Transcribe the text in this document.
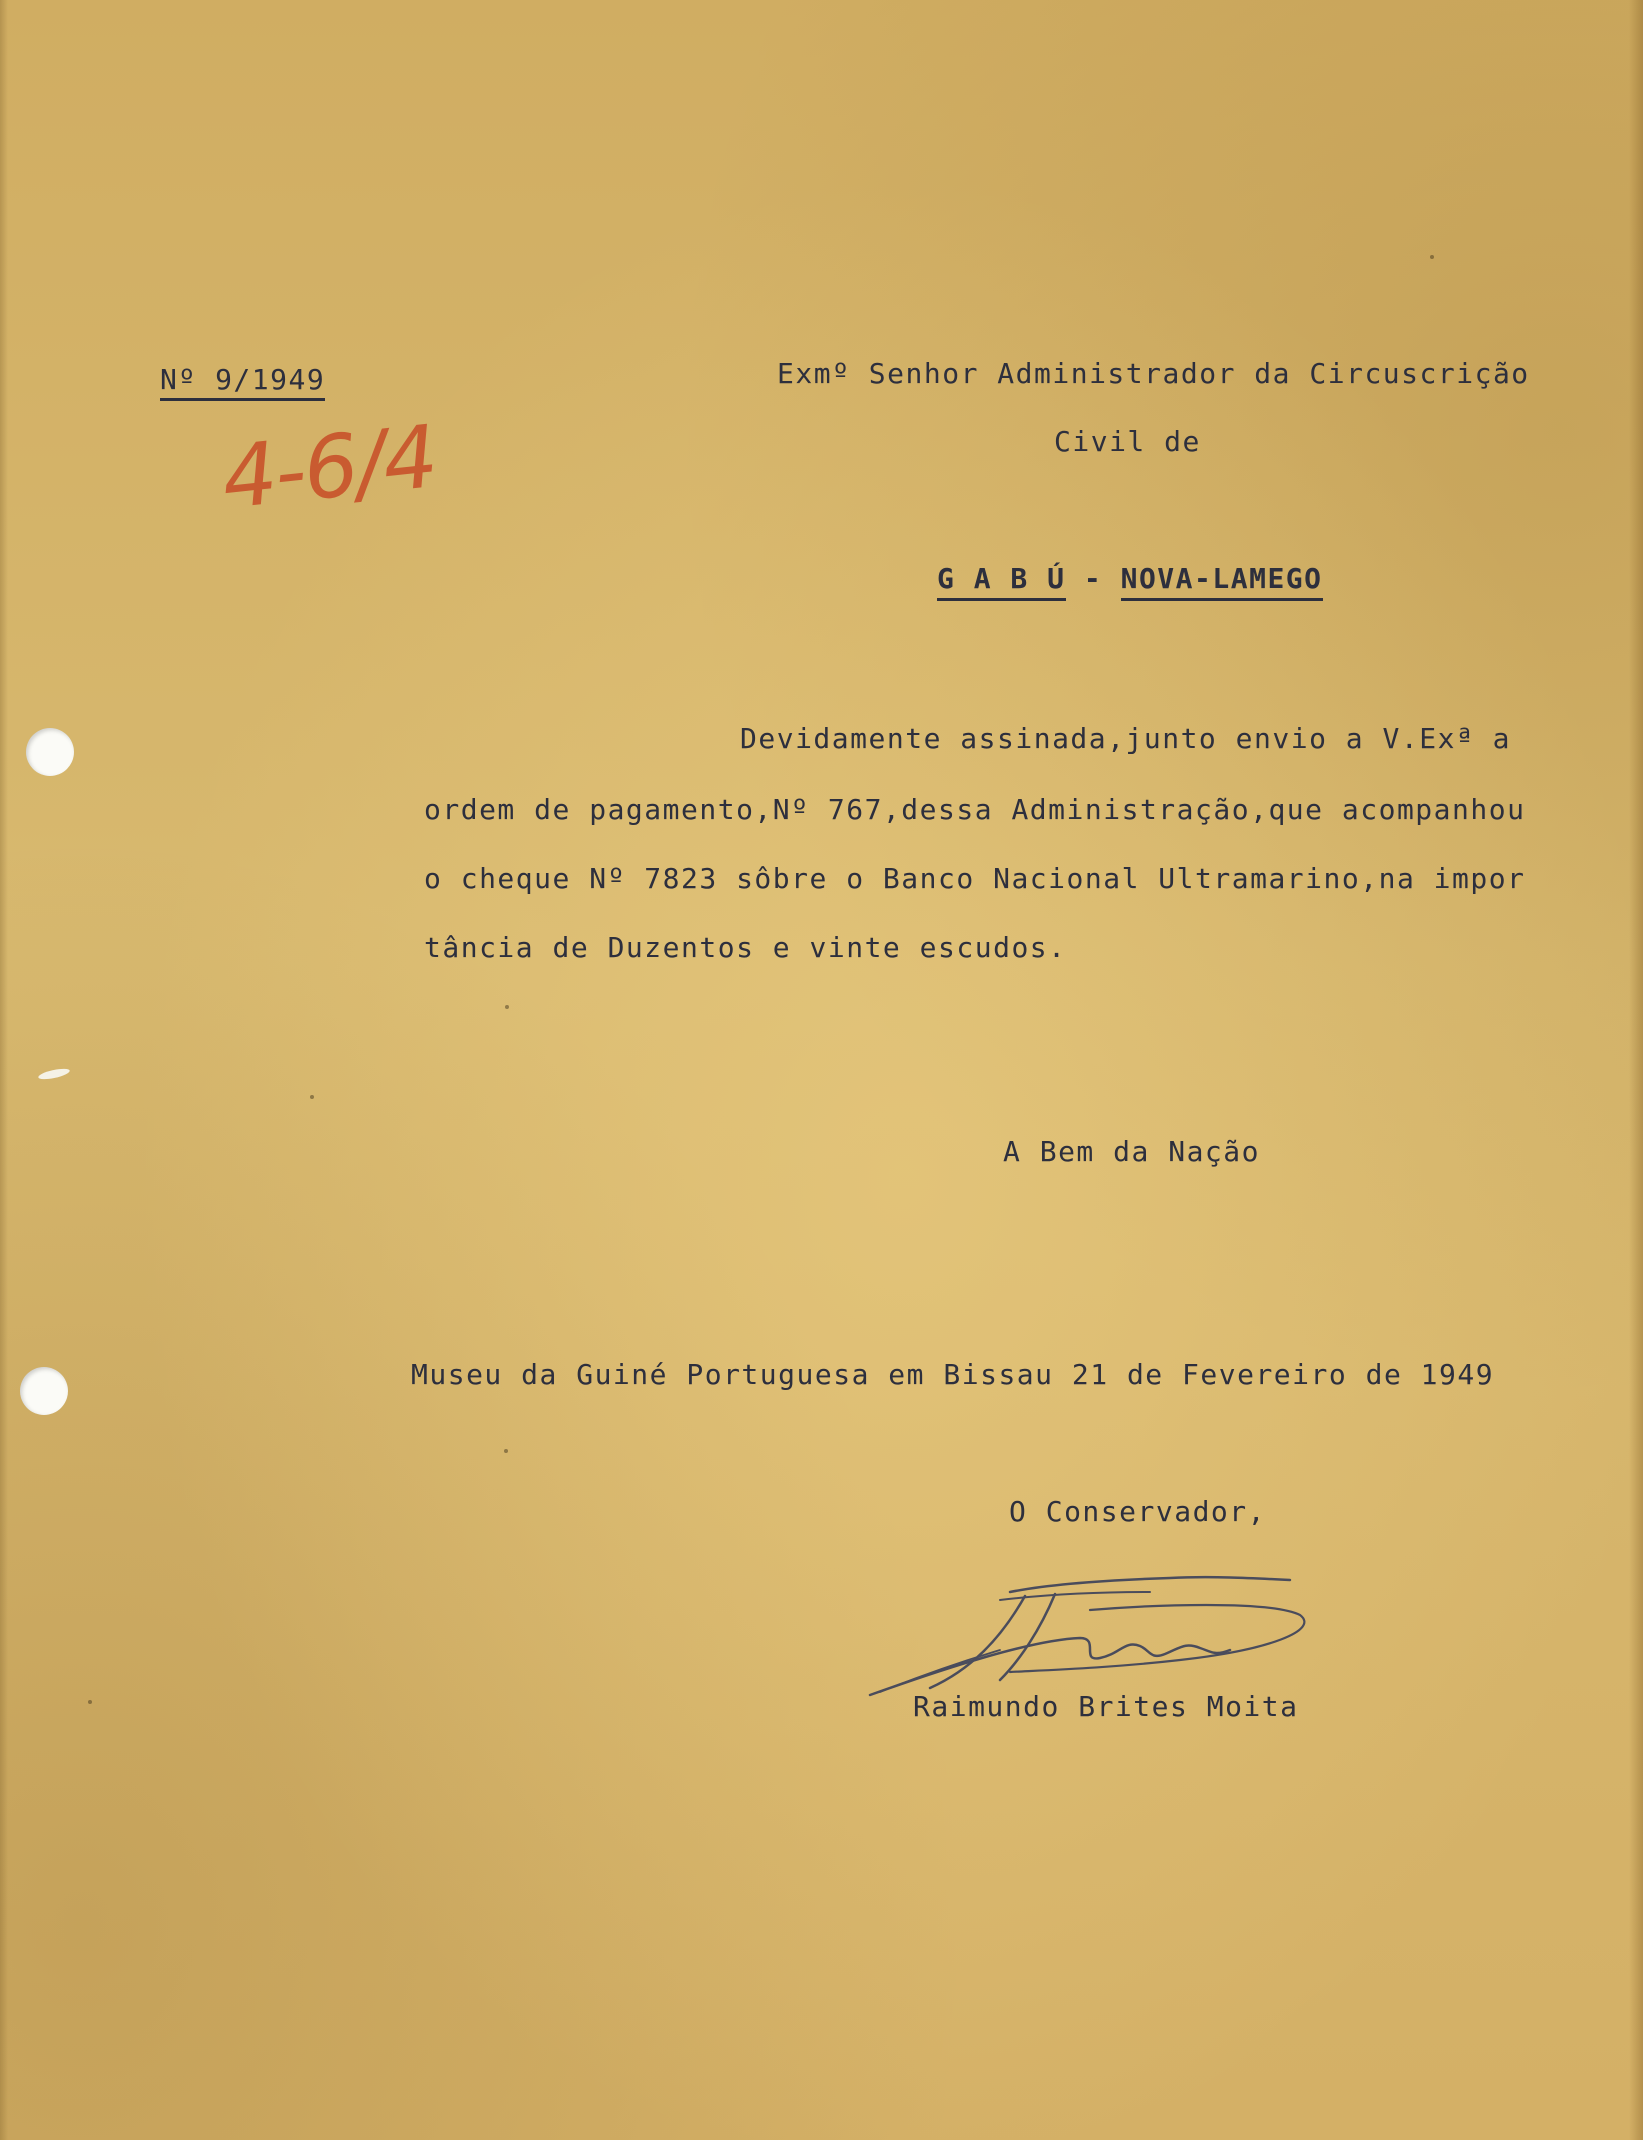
Nº 9/1949
4-6/4
Exmº Senhor Administrador da Circuscrição
Civil de
G A B Ú - NOVA-LAMEGO
Devidamente assinada,junto envio a V.Exª a
ordem de pagamento,Nº 767,dessa Administração,que acompanhou
o cheque Nº 7823 sôbre o Banco Nacional Ultramarino,na impor
tância de Duzentos e vinte escudos.
A Bem da Nação
Museu da Guiné Portuguesa em Bissau 21 de Fevereiro de 1949
O Conservador,
Raimundo Brites Moita
